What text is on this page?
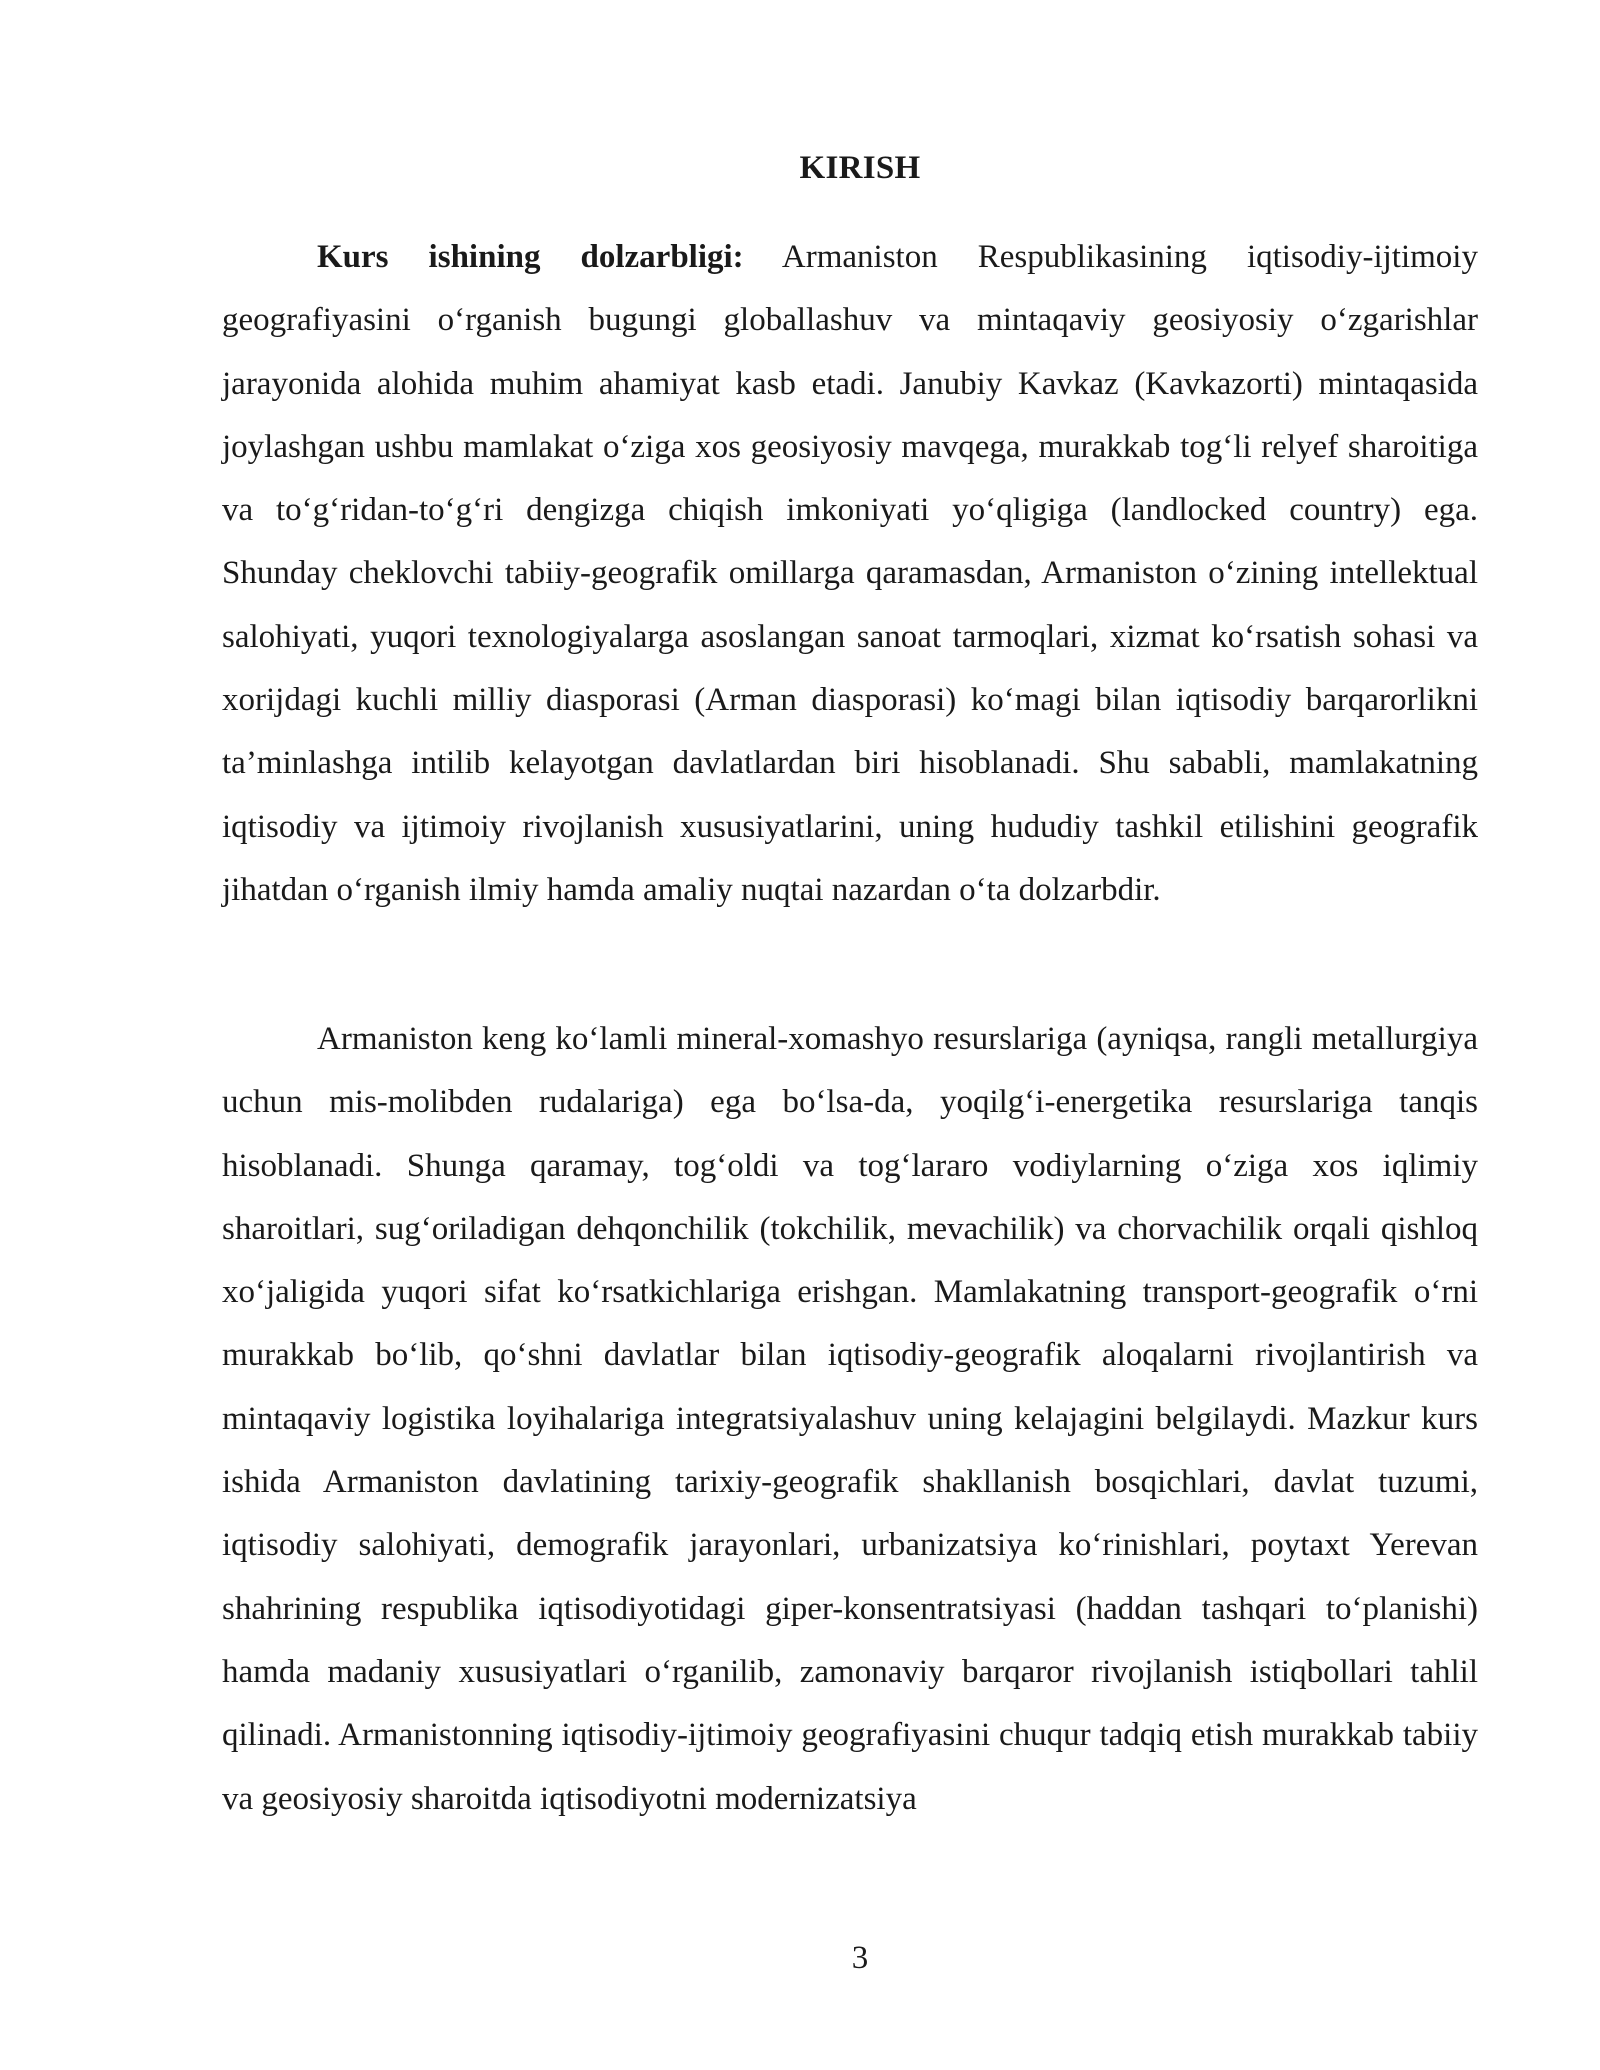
KIRISH

Kurs ishining dolzarbligi: Armaniston Respublikasining iqtisodiy-ijtimoiy geografiyasini o‘rganish bugungi globallashuv va mintaqaviy geosiyosiy o‘zgarishlar jarayonida alohida muhim ahamiyat kasb etadi. Janubiy Kavkaz (Kavkazorti) mintaqasida joylashgan ushbu mamlakat o‘ziga xos geosiyosiy mavqega, murakkab tog‘li relyef sharoitiga va to‘g‘ridan-to‘g‘ri dengizga chiqish imkoniyati yo‘qligiga (landlocked country) ega. Shunday cheklovchi tabiiy-geografik omillarga qaramasdan, Armaniston o‘zining intellektual salohiyati, yuqori texnologiyalarga asoslangan sanoat tarmoqlari, xizmat ko‘rsatish sohasi va xorijdagi kuchli milliy diasporasi (Arman diasporasi) ko‘magi bilan iqtisodiy barqarorlikni ta’minlashga intilib kelayotgan davlatlardan biri hisoblanadi. Shu sababli, mamlakatning iqtisodiy va ijtimoiy rivojlanish xususiyatlarini, uning hududiy tashkil etilishini geografik jihatdan o‘rganish ilmiy hamda amaliy nuqtai nazardan o‘ta dolzarbdir.

Armaniston keng ko‘lamli mineral-xomashyo resurslariga (ayniqsa, rangli metallurgiya uchun mis-molibden rudalariga) ega bo‘lsa-da, yoqilg‘i-energetika resurslariga tanqis hisoblanadi. Shunga qaramay, tog‘oldi va tog‘lararo vodiylarning o‘ziga xos iqlimiy sharoitlari, sug‘oriladigan dehqonchilik (tokchilik, mevachilik) va chorvachilik orqali qishloq xo‘jaligida yuqori sifat ko‘rsatkichlariga erishgan. Mamlakatning transport-geografik o‘rni murakkab bo‘lib, qo‘shni davlatlar bilan iqtisodiy-geografik aloqalarni rivojlantirish va mintaqaviy logistika loyihalariga integratsiyalashuv uning kelajagini belgilaydi. Mazkur kurs ishida Armaniston davlatining tarixiy-geografik shakllanish bosqichlari, davlat tuzumi, iqtisodiy salohiyati, demografik jarayonlari, urbanizatsiya ko‘rinishlari, poytaxt Yerevan shahrining respublika iqtisodiyotidagi giper-konsentratsiyasi (haddan tashqari to‘planishi) hamda madaniy xususiyatlari o‘rganilib, zamonaviy barqaror rivojlanish istiqbollari tahlil qilinadi. Armanistonning iqtisodiy-ijtimoiy geografiyasini chuqur tadqiq etish murakkab tabiiy va geosiyosiy sharoitda iqtisodiyotni modernizatsiya

3
